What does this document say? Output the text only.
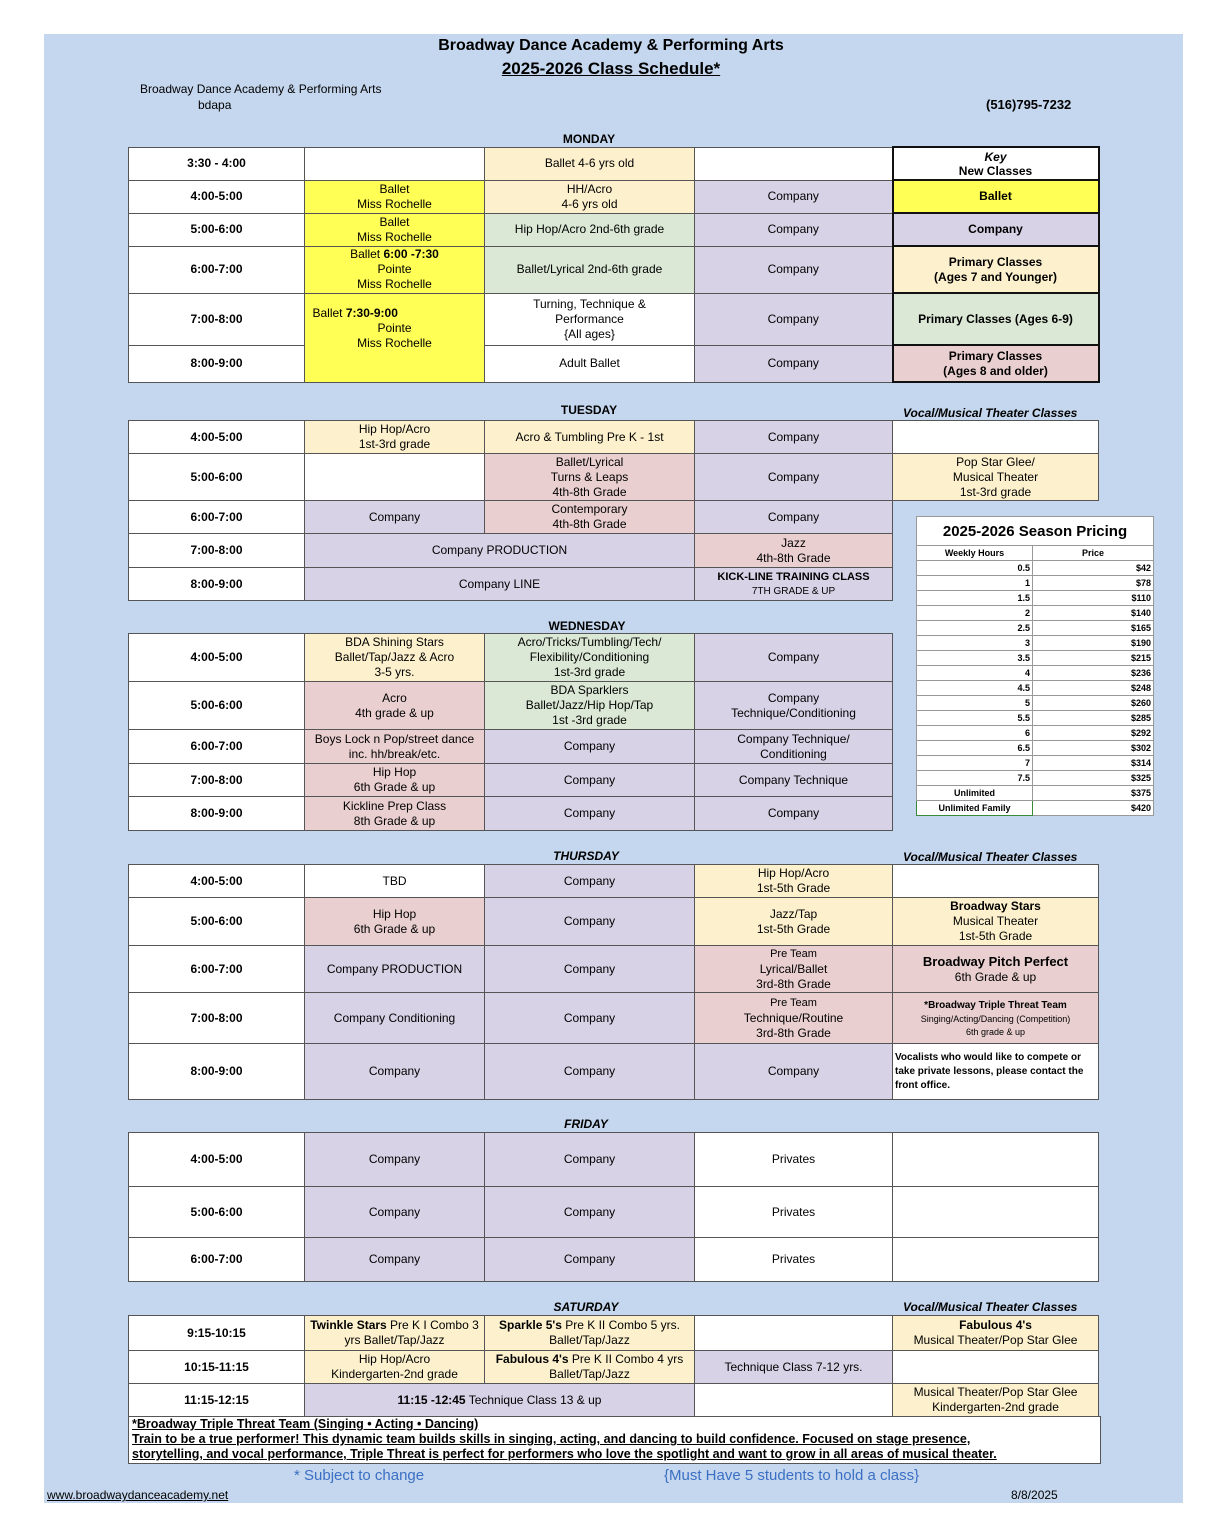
Broadway Dance Academy & Performing Arts
2025-2026 Class Schedule*
Broadway Dance Academy & Performing Arts
bdapa	(516)795-7232
MONDAY
3:30 - 4:00		Ballet 4-6 yrs old		Key
New Classes
4:00-5:00	Ballet
Miss Rochelle	HH/Acro
4-6 yrs old	Company	Ballet
5:00-6:00	Ballet
Miss Rochelle	Hip Hop/Acro 2nd-6th grade	Company	Company
6:00-7:00	Ballet 6:00 -7:30
Pointe
Miss Rochelle	Ballet/Lyrical 2nd-6th grade	Company	Primary Classes
(Ages 7 and Younger)
7:00-8:00	Ballet 7:30-9:00
Pointe
Miss Rochelle	Turning, Technique &
Performance
{All ages}	Company	Primary Classes (Ages 6-9)
8:00-9:00		Adult Ballet	Company	Primary Classes
(Ages 8 and older)
TUESDAY	Vocal/Musical Theater Classes
4:00-5:00	Hip Hop/Acro
1st-3rd grade	Acro & Tumbling Pre K - 1st	Company	
5:00-6:00		Ballet/Lyrical
Turns & Leaps
4th-8th Grade	Company	Pop Star Glee/
Musical Theater
1st-3rd grade
6:00-7:00	Company	Contemporary
4th-8th Grade	Company	
7:00-8:00	Company PRODUCTION		Jazz
4th-8th Grade	
8:00-9:00	Company LINE		KICK-LINE TRAINING CLASS
7TH GRADE & UP	
2025-2026 Season Pricing	
Weekly Hours	Price
0.5	$42
1	$78
1.5	$110
2	$140
2.5	$165
3	$190
3.5	$215
4	$236
4.5	$248
5	$260
5.5	$285
6	$292
6.5	$302
7	$314
7.5	$325
Unlimited	$375
Unlimited Family	$420
WEDNESDAY
4:00-5:00	BDA Shining Stars
Ballet/Tap/Jazz & Acro
3-5 yrs.	Acro/Tricks/Tumbling/Tech/
Flexibility/Conditioning
1st-3rd grade	Company
5:00-6:00	Acro
4th grade & up	BDA Sparklers
Ballet/Jazz/Hip Hop/Tap
1st -3rd grade	Company
Technique/Conditioning
6:00-7:00	Boys Lock n Pop/street dance
inc. hh/break/etc.	Company	Company Technique/
Conditioning
7:00-8:00	Hip Hop
6th Grade & up	Company	Company Technique
8:00-9:00	Kickline Prep Class
8th Grade & up	Company	Company
THURSDAY	Vocal/Musical Theater Classes
4:00-5:00	TBD	Company	Hip Hop/Acro
1st-5th Grade	
5:00-6:00	Hip Hop
6th Grade & up	Company	Jazz/Tap
1st-5th Grade	Broadway Stars
Musical Theater
1st-5th Grade
6:00-7:00	Company PRODUCTION	Company	Pre Team
Lyrical/Ballet
3rd-8th Grade	Broadway Pitch Perfect
6th Grade & up
7:00-8:00	Company Conditioning	Company	Pre Team
Technique/Routine
3rd-8th Grade	*Broadway Triple Threat Team
Singing/Acting/Dancing (Competition)
6th grade & up
8:00-9:00	Company	Company	Company	Vocalists who would like to compete or take private lessons, please contact the front office.
FRIDAY
4:00-5:00	Company	Company	Privates	
5:00-6:00	Company	Company	Privates	
6:00-7:00	Company	Company	Privates	
SATURDAY	Vocal/Musical Theater Classes
9:15-10:15	Twinkle Stars Pre K I Combo 3 yrs Ballet/Tap/Jazz	Sparkle 5's Pre K II Combo 5 yrs. Ballet/Tap/Jazz		Fabulous 4's
Musical Theater/Pop Star Glee
10:15-11:15	Hip Hop/Acro
Kindergarten-2nd grade	Fabulous 4's Pre K II Combo 4 yrs Ballet/Tap/Jazz	Technique Class 7-12 yrs.	
11:15-12:15	11:15 -12:45 Technique Class 13 & up			Musical Theater/Pop Star Glee
Kindergarten-2nd grade
*Broadway Triple Threat Team (Singing • Acting • Dancing)
Train to be a true performer! This dynamic team builds skills in singing, acting, and dancing to build confidence. Focused on stage presence,
storytelling, and vocal performance, Triple Threat is perfect for performers who love the spotlight and want to grow in all areas of musical theater.
* Subject to change	{Must Have 5 students to hold a class}
www.broadwaydanceacademy.net	8/8/2025
